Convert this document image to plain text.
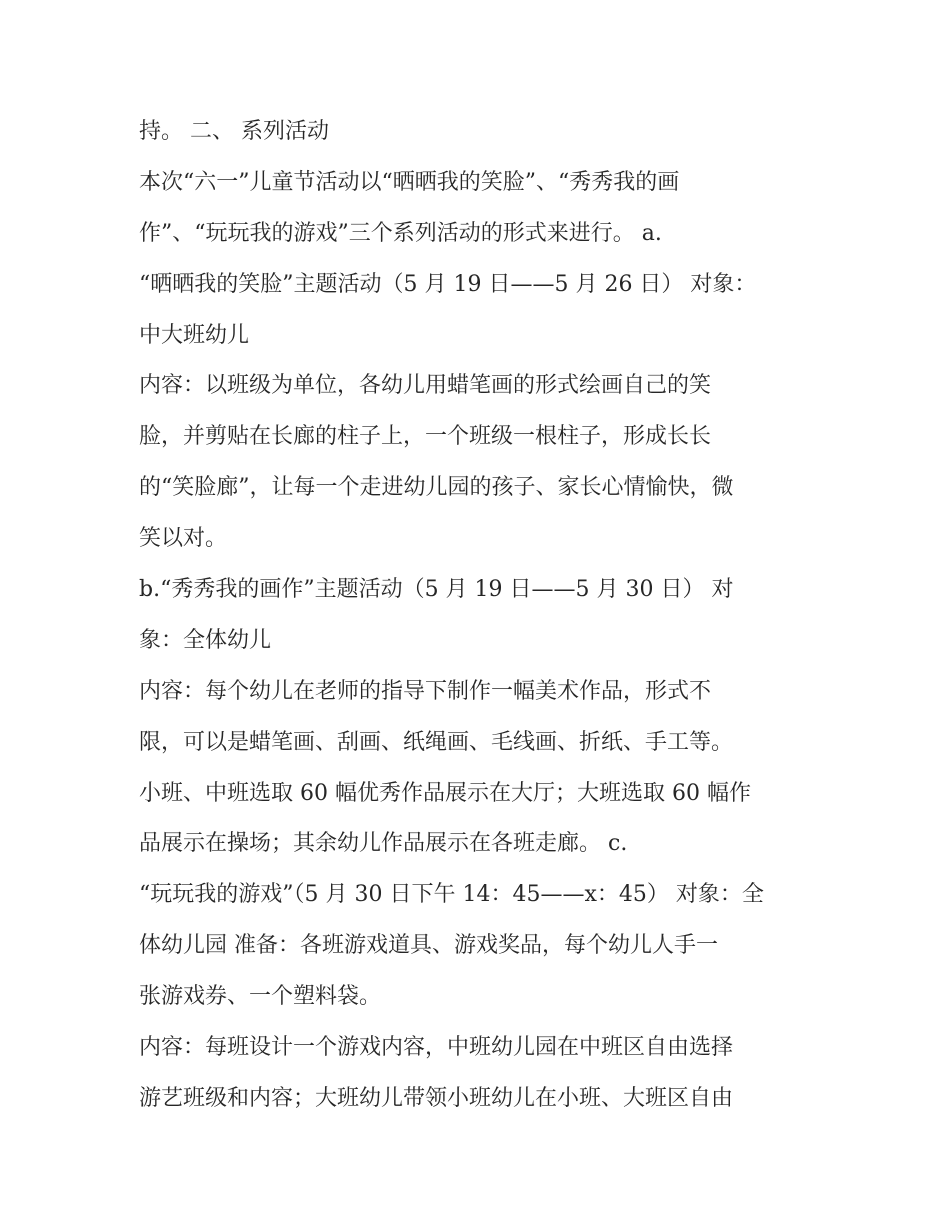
持。 二、 系列活动
本次“六一”儿童节活动以“晒晒我的笑脸”、“秀秀我的画
作”、“玩玩我的游戏”三个系列活动的形式来进行。 a.
“晒晒我的笑脸”主题活动（5 月 19 日——5 月 26 日） 对象：
中大班幼儿
内容：以班级为单位，各幼儿用蜡笔画的形式绘画自己的笑
脸，并剪贴在长廊的柱子上，一个班级一根柱子，形成长长
的“笑脸廊”，让每一个走进幼儿园的孩子、家长心情愉快，微
笑以对。
b.“秀秀我的画作”主题活动（5 月 19 日——5 月 30 日） 对
象：全体幼儿
内容：每个幼儿在老师的指导下制作一幅美术作品，形式不
限，可以是蜡笔画、刮画、纸绳画、毛线画、折纸、手工等。
小班、中班选取 60 幅优秀作品展示在大厅；大班选取 60 幅作
品展示在操场；其余幼儿作品展示在各班走廊。 c.
“玩玩我的游戏”（5 月 30 日下午 14：45——x：45） 对象：全
体幼儿园 准备：各班游戏道具、游戏奖品，每个幼儿人手一
张游戏券、一个塑料袋。
内容：每班设计一个游戏内容，中班幼儿园在中班区自由选择
游艺班级和内容；大班幼儿带领小班幼儿在小班、大班区自由
